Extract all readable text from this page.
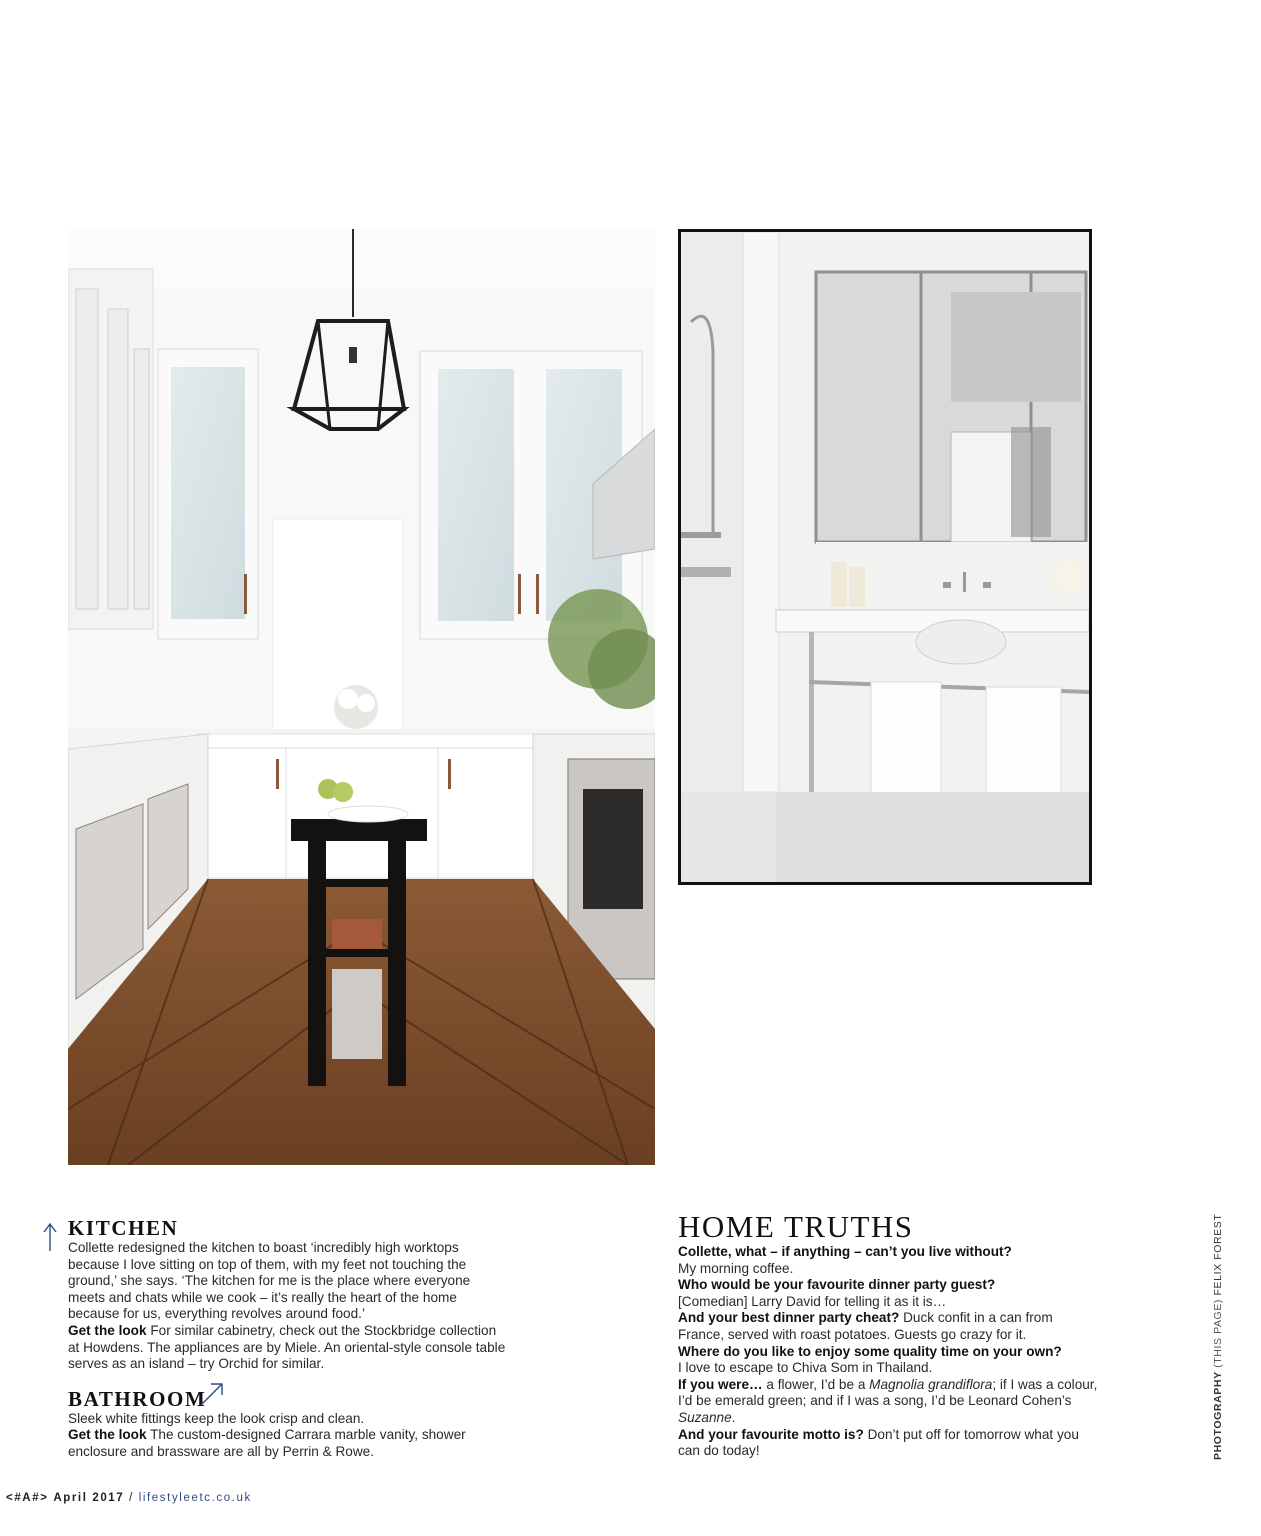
KITCHEN

Collette redesigned the kitchen to boast ‘incredibly high worktops because I love sitting on top of them, with my feet not touching the ground,’ she says. ‘The kitchen for me is the place where everyone meets and chats while we cook – it’s really the heart of the home because for us, everything revolves around food.’

Get the look For similar cabinetry, check out the Stockbridge collection at Howdens. The appliances are by Miele. An oriental-style console table serves as an island – try Orchid for similar.

BATHROOM

Sleek white fittings keep the look crisp and clean.

Get the look The custom-designed Carrara marble vanity, shower enclosure and brassware are all by Perrin & Rowe.

HOME TRUTHS

Collette, what – if anything – can’t you live without?

My morning coffee.

Who would be your favourite dinner party guest?

[Comedian] Larry David for telling it as it is…

And your best dinner party cheat? Duck confit in a can from France, served with roast potatoes. Guests go crazy for it.

Where do you like to enjoy some quality time on your own?

I love to escape to Chiva Som in Thailand.

If you were… a flower, I’d be a Magnolia grandiflora; if I was a colour, I’d be emerald green; and if I was a song, I’d be Leonard Cohen’s Suzanne.

And your favourite motto is? Don’t put off for tomorrow what you can do today!	PHOTOGRAPHY (THIS PAGE) FELIX FOREST
<#A#> April 2017 / lifestyleetc.co.uk
